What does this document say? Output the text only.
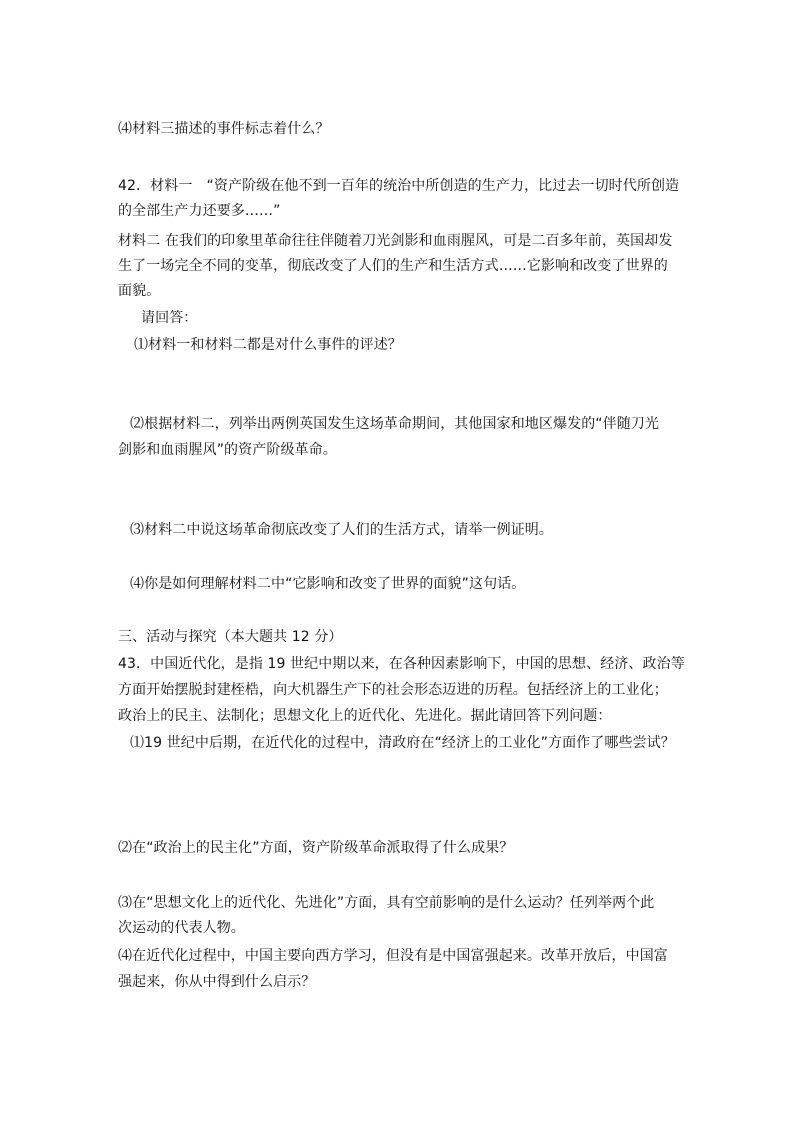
⑷材料三描述的事件标志着什么？
42．材料一　“资产阶级在他不到一百年的统治中所创造的生产力，比过去一切时代所创造
的全部生产力还要多……”
材料二 在我们的印象里革命往往伴随着刀光剑影和血雨腥风，可是二百多年前，英国却发
生了一场完全不同的变革，彻底改变了人们的生产和生活方式……它影响和改变了世界的
面貌。
请回答：
⑴材料一和材料二都是对什么事件的评述？
⑵根据材料二，列举出两例英国发生这场革命期间，其他国家和地区爆发的“伴随刀光
剑影和血雨腥风”的资产阶级革命。
⑶材料二中说这场革命彻底改变了人们的生活方式，请举一例证明。
⑷你是如何理解材料二中“它影响和改变了世界的面貌”这句话。
三、活动与探究（本大题共 12 分）
43．中国近代化，是指 19 世纪中期以来，在各种因素影响下，中国的思想、经济、政治等
方面开始摆脱封建桎梏，向大机器生产下的社会形态迈进的历程。包括经济上的工业化；
政治上的民主、法制化；思想文化上的近代化、先进化。据此请回答下列问题：
⑴19 世纪中后期，在近代化的过程中，清政府在“经济上的工业化”方面作了哪些尝试？
⑵在“政治上的民主化”方面，资产阶级革命派取得了什么成果？
⑶在“思想文化上的近代化、先进化”方面，具有空前影响的是什么运动？任列举两个此
次运动的代表人物。
⑷在近代化过程中，中国主要向西方学习，但没有是中国富强起来。改革开放后，中国富
强起来，你从中得到什么启示？
